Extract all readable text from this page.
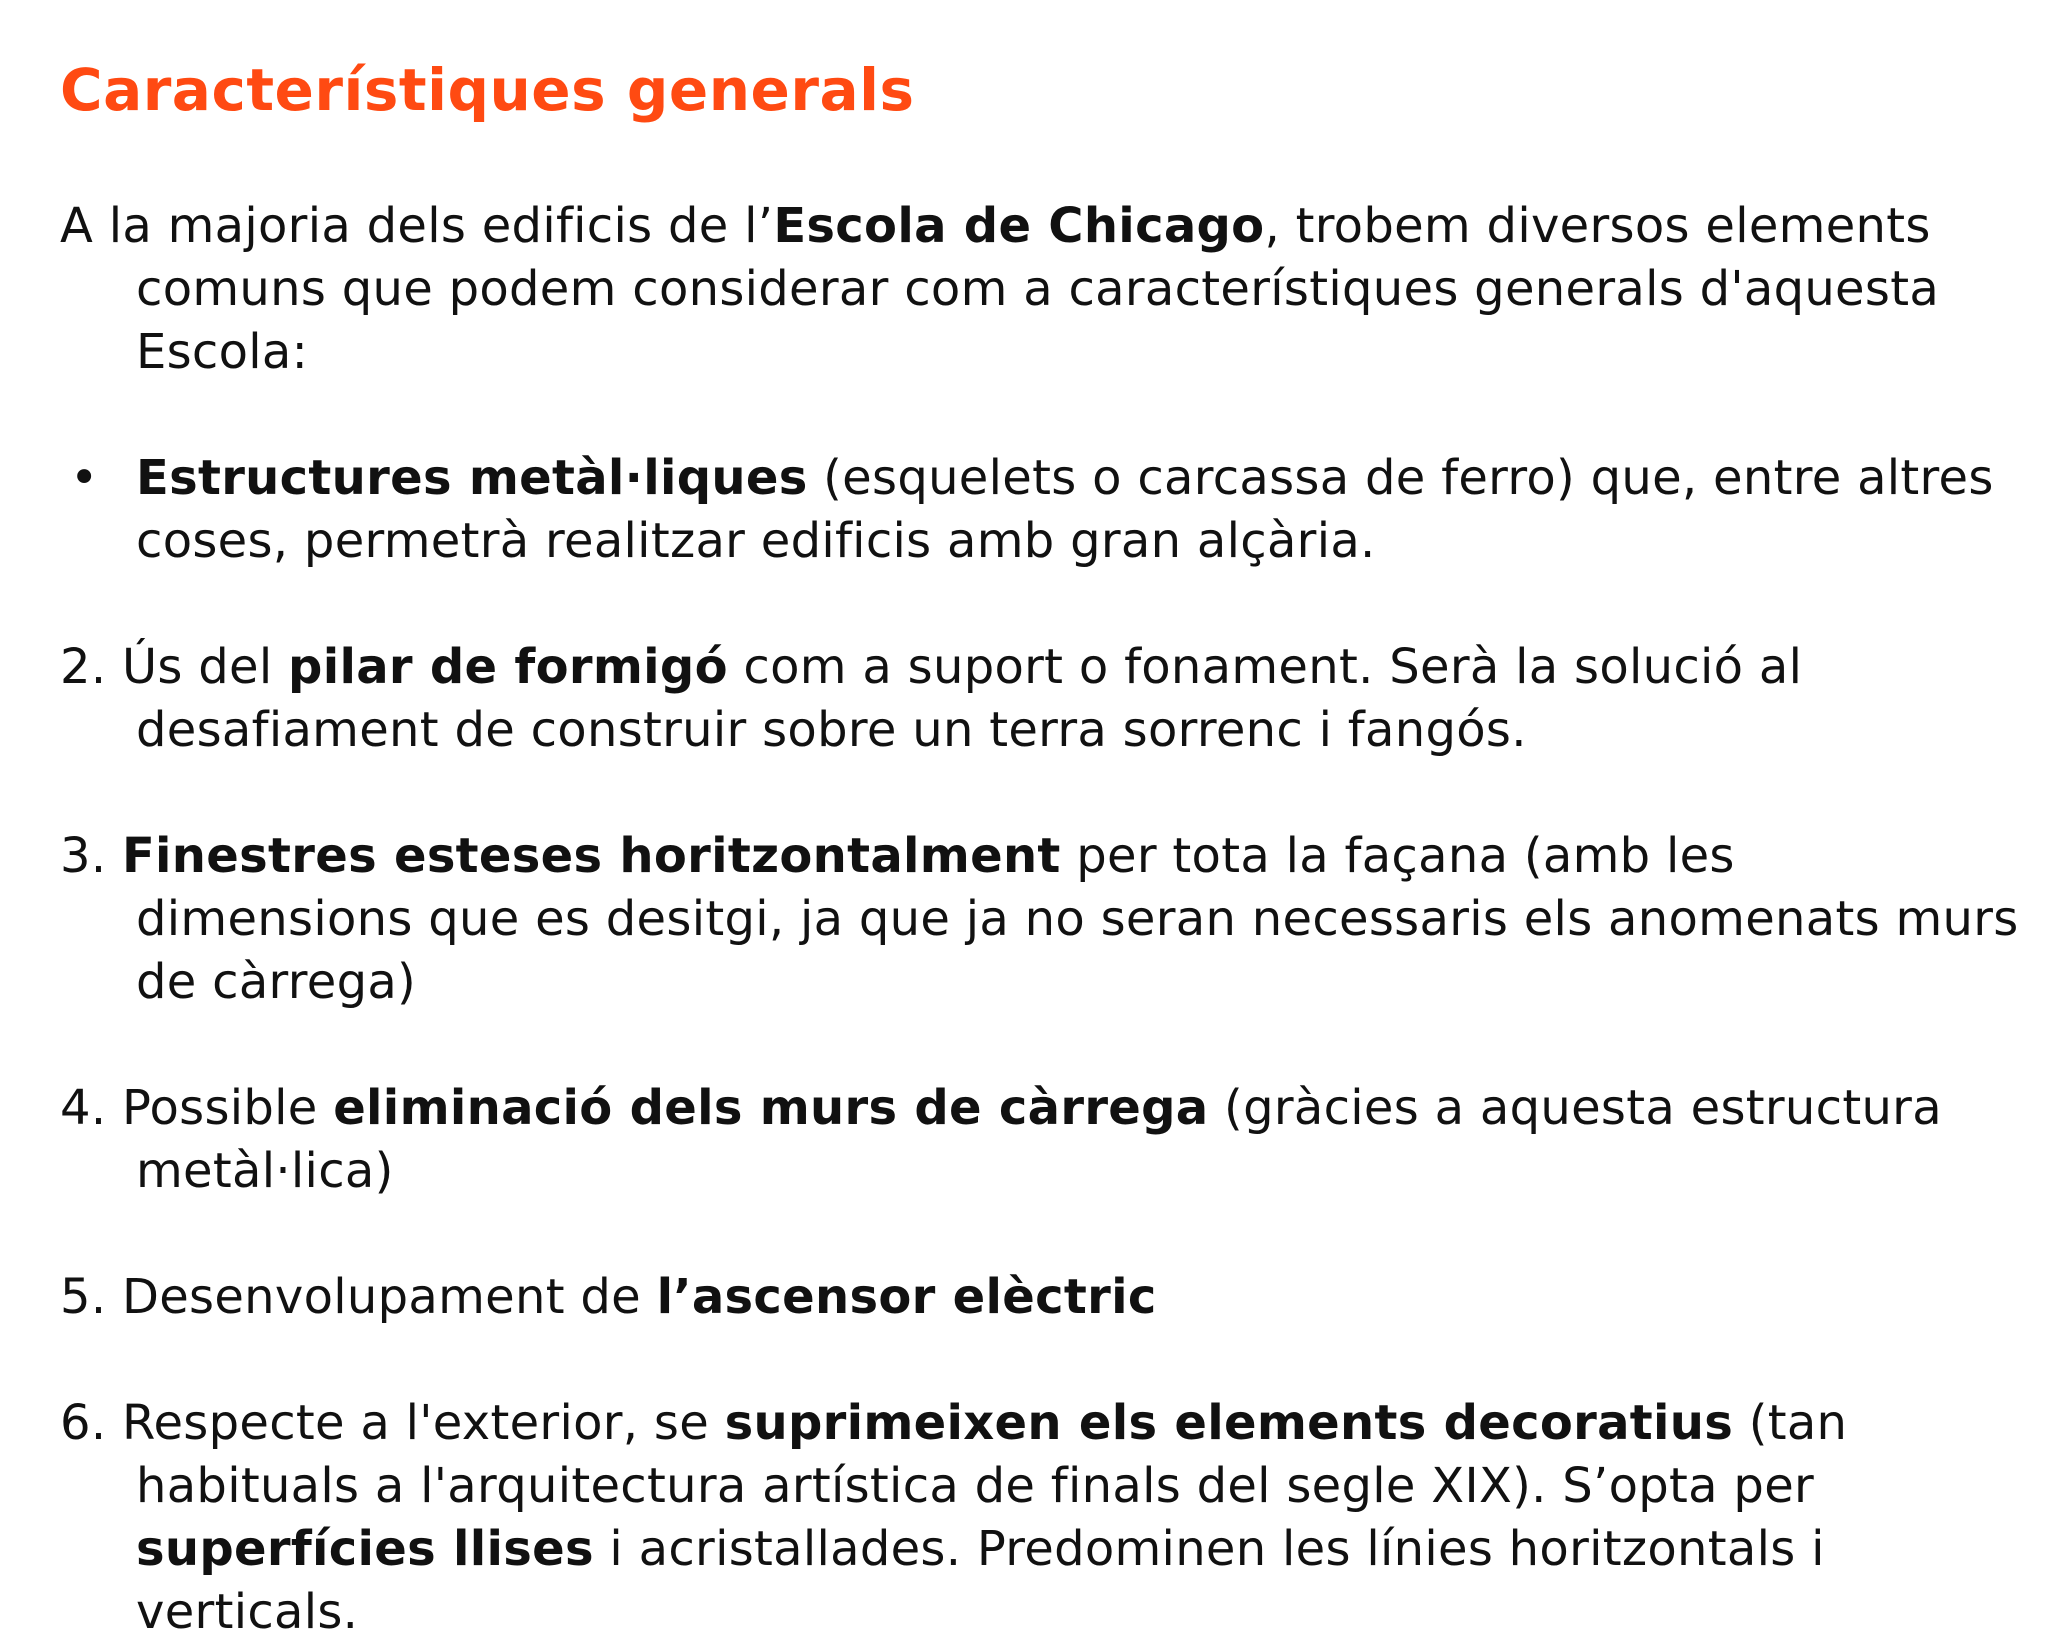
Característiques generals

A la majoria dels edificis de l’Escola de Chicago, trobem diversos elements comuns que podem considerar com a característiques generals d'aquesta Escola:

• Estructures metàl·liques (esquelets o carcassa de ferro) que, entre altres coses, permetrà realitzar edificis amb gran alçària.

2. Ús del pilar de formigó com a suport o fonament. Serà la solució al desafiament de construir sobre un terra sorrenc i fangós.

3. Finestres esteses horitzontalment per tota la façana (amb les dimensions que es desitgi, ja que ja no seran necessaris els anomenats murs de càrrega)

4. Possible eliminació dels murs de càrrega (gràcies a aquesta estructura metàl·lica)

5. Desenvolupament de l’ascensor elèctric

6. Respecte a l'exterior, se suprimeixen els elements decoratius (tan habituals a l'arquitectura artística de finals del segle XIX). S’opta per superfícies llises i acristallades. Predominen les línies horitzontals i verticals.
